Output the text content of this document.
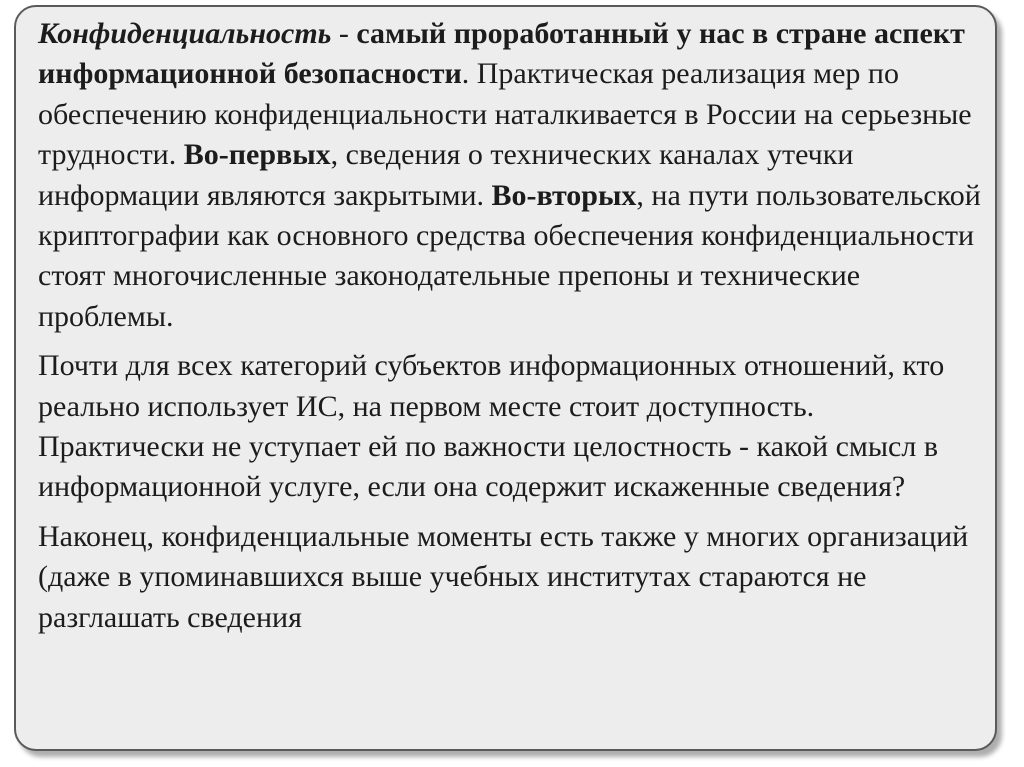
Конфиденциальность - самый проработанный у нас в стране аспект информационной безопасности. Практическая реализация мер по обеспечению конфиденциальности наталкивается в России на серьезные трудности. Во-первых, сведения о технических каналах утечки информации являются закрытыми. Во-вторых, на пути пользовательской криптографии как основного средства обеспечения конфиденциальности стоят многочисленные законодательные препоны и технические проблемы.

Почти для всех категорий субъектов информационных отношений, кто реально использует ИС, на первом месте стоит доступность. Практически не уступает ей по важности целостность - какой смысл в информационной услуге, если она содержит искаженные сведения?

Наконец, конфиденциальные моменты есть также у многих организаций (даже в упоминавшихся выше учебных институтах стараются не разглашать сведения
